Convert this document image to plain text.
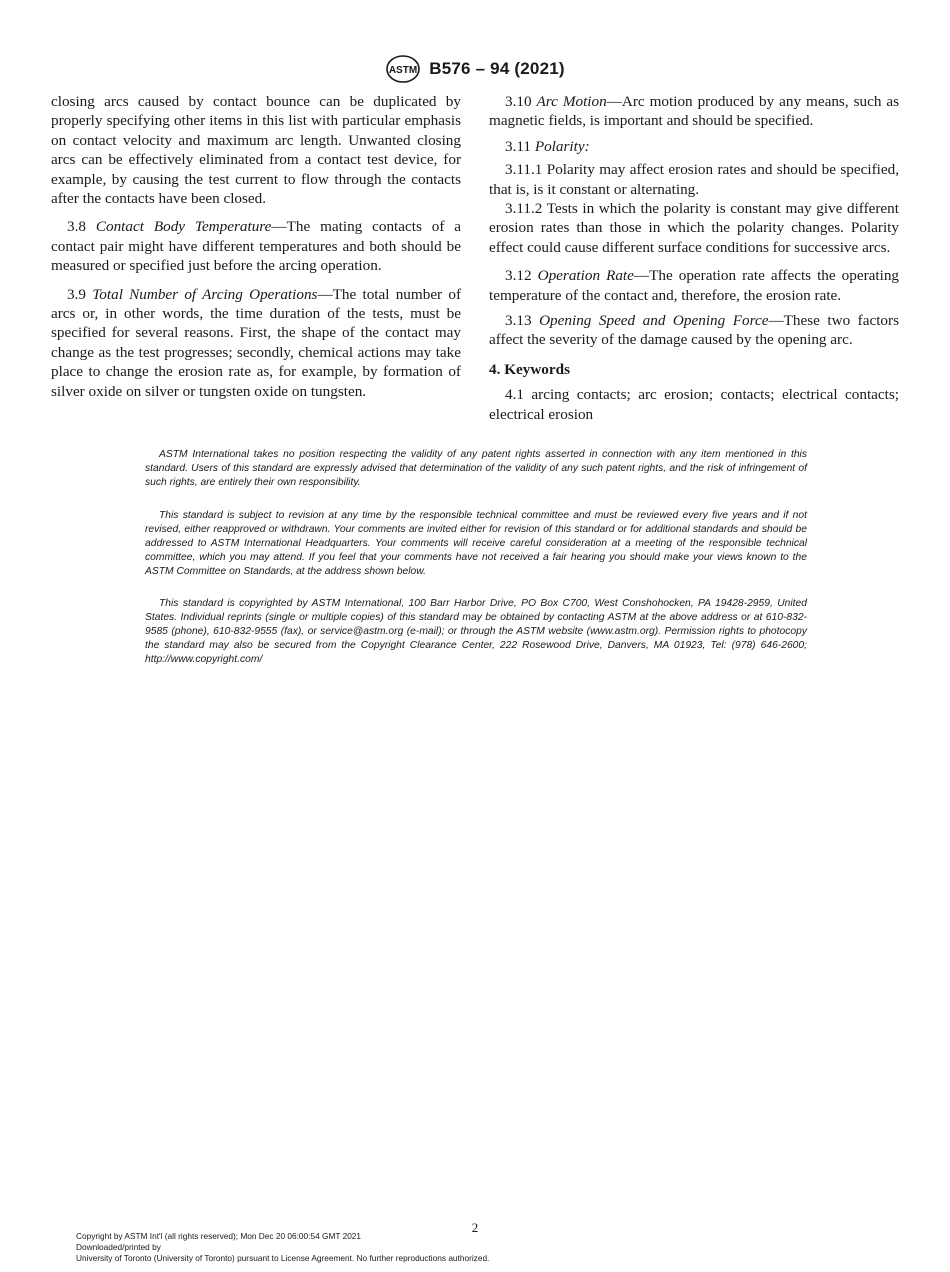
ASTM B576 – 94 (2021)

closing arcs caused by contact bounce can be duplicated by properly specifying other items in this list with particular emphasis on contact velocity and maximum arc length. Unwanted closing arcs can be effectively eliminated from a contact test device, for example, by causing the test current to flow through the contacts after the contacts have been closed.

3.8 Contact Body Temperature—The mating contacts of a contact pair might have different temperatures and both should be measured or specified just before the arcing operation.

3.9 Total Number of Arcing Operations—The total number of arcs or, in other words, the time duration of the tests, must be specified for several reasons. First, the shape of the contact may change as the test progresses; secondly, chemical actions may take place to change the erosion rate as, for example, by formation of silver oxide on silver or tungsten oxide on tungsten.

3.10 Arc Motion—Arc motion produced by any means, such as magnetic fields, is important and should be specified.

3.11 Polarity:

3.11.1 Polarity may affect erosion rates and should be specified, that is, is it constant or alternating.

3.11.2 Tests in which the polarity is constant may give different erosion rates than those in which the polarity changes. Polarity effect could cause different surface conditions for successive arcs.

3.12 Operation Rate—The operation rate affects the operating temperature of the contact and, therefore, the erosion rate.

3.13 Opening Speed and Opening Force—These two factors affect the severity of the damage caused by the opening arc.

4. Keywords

4.1 arcing contacts; arc erosion; contacts; electrical contacts; electrical erosion

ASTM International takes no position respecting the validity of any patent rights asserted in connection with any item mentioned in this standard. Users of this standard are expressly advised that determination of the validity of any such patent rights, and the risk of infringement of such rights, are entirely their own responsibility.

This standard is subject to revision at any time by the responsible technical committee and must be reviewed every five years and if not revised, either reapproved or withdrawn. Your comments are invited either for revision of this standard or for additional standards and should be addressed to ASTM International Headquarters. Your comments will receive careful consideration at a meeting of the responsible technical committee, which you may attend. If you feel that your comments have not received a fair hearing you should make your views known to the ASTM Committee on Standards, at the address shown below.

This standard is copyrighted by ASTM International, 100 Barr Harbor Drive, PO Box C700, West Conshohocken, PA 19428-2959, United States. Individual reprints (single or multiple copies) of this standard may be obtained by contacting ASTM at the above address or at 610-832-9585 (phone), 610-832-9555 (fax), or service@astm.org (e-mail); or through the ASTM website (www.astm.org). Permission rights to photocopy the standard may also be secured from the Copyright Clearance Center, 222 Rosewood Drive, Danvers, MA 01923, Tel: (978) 646-2600; http://www.copyright.com/

2
Copyright by ASTM Int'l (all rights reserved); Mon Dec 20 06:00:54 GMT 2021
Downloaded/printed by
University of Toronto (University of Toronto) pursuant to License Agreement. No further reproductions authorized.
